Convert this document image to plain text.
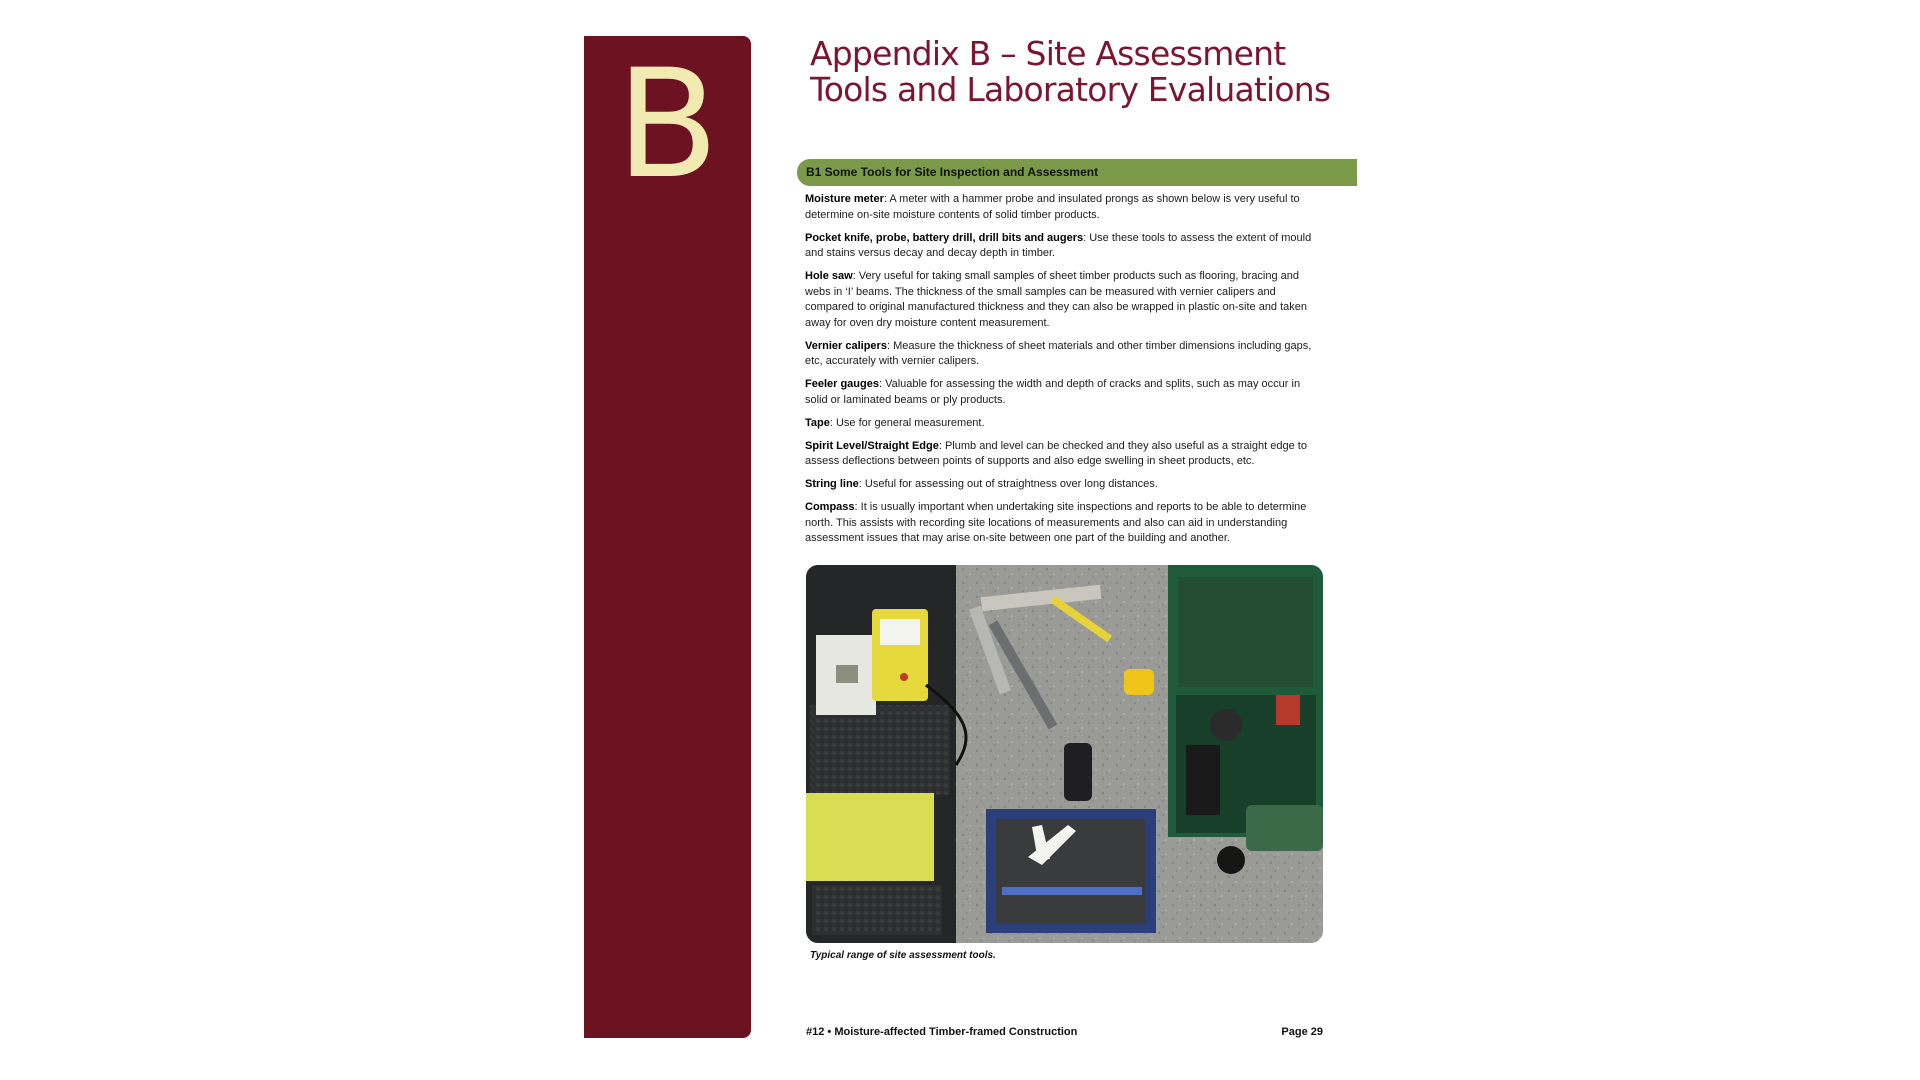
B	Appendix B – Site Assessment
Tools and Laboratory Evaluations
B1 Some Tools for Site Inspection and Assessment
Moisture meter: A meter with a hammer probe and insulated prongs as shown below is very useful to determine on-site moisture contents of solid timber products.
Pocket knife, probe, battery drill, drill bits and augers: Use these tools to assess the extent of mould and stains versus decay and decay depth in timber.
Hole saw: Very useful for taking small samples of sheet timber products such as flooring, bracing and webs in ‘I’ beams. The thickness of the small samples can be measured with vernier calipers and compared to original manufactured thickness and they can also be wrapped in plastic on-site and taken away for oven dry moisture content measurement.
Vernier calipers: Measure the thickness of sheet materials and other timber dimensions including gaps, etc, accurately with vernier calipers.
Feeler gauges: Valuable for assessing the width and depth of cracks and splits, such as may occur in solid or laminated beams or ply products.
Tape: Use for general measurement.
Spirit Level/Straight Edge: Plumb and level can be checked and they also useful as a straight edge to assess deflections between points of supports and also edge swelling in sheet products, etc.
String line: Useful for assessing out of straightness over long distances.
Compass: It is usually important when undertaking site inspections and reports to be able to determine north. This assists with recording site locations of measurements and also can aid in understanding assessment issues that may arise on-site between one part of the building and another.
Typical range of site assessment tools.
#12 • Moisture-affected Timber-framed Construction	Page 29
